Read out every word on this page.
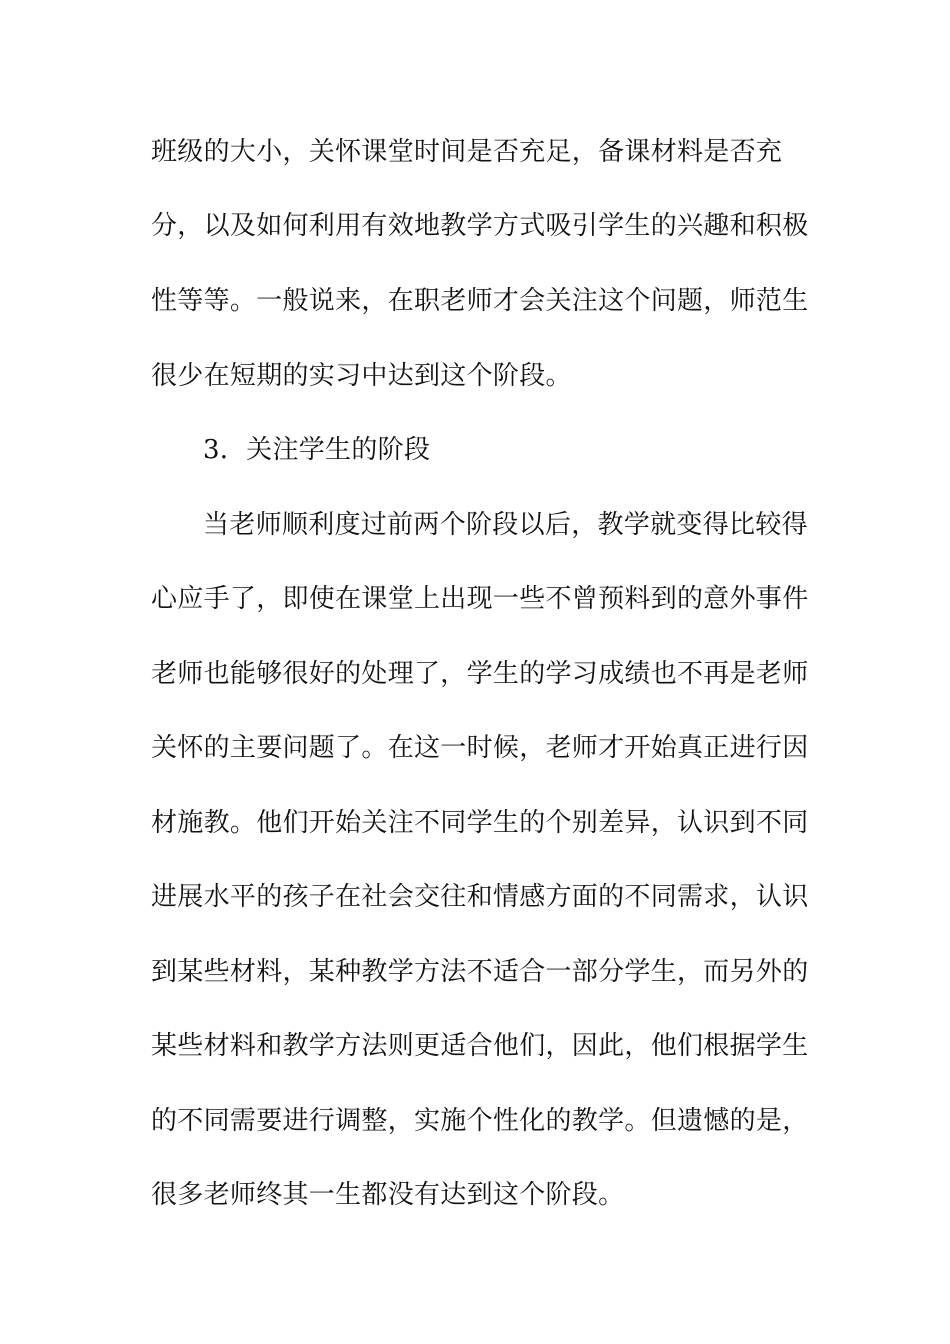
班级的大小，关怀课堂时间是否充足，备课材料是否充
分，以及如何利用有效地教学方式吸引学生的兴趣和积极
性等等。一般说来，在职老师才会关注这个问题，师范生
很少在短期的实习中达到这个阶段。
3．关注学生的阶段
当老师顺利度过前两个阶段以后，教学就变得比较得
心应手了，即使在课堂上出现一些不曾预料到的意外事件
老师也能够很好的处理了，学生的学习成绩也不再是老师
关怀的主要问题了。在这一时候，老师才开始真正进行因
材施教。他们开始关注不同学生的个别差异，认识到不同
进展水平的孩子在社会交往和情感方面的不同需求，认识
到某些材料，某种教学方法不适合一部分学生，而另外的
某些材料和教学方法则更适合他们，因此，他们根据学生
的不同需要进行调整，实施个性化的教学。但遗憾的是，
很多老师终其一生都没有达到这个阶段。
